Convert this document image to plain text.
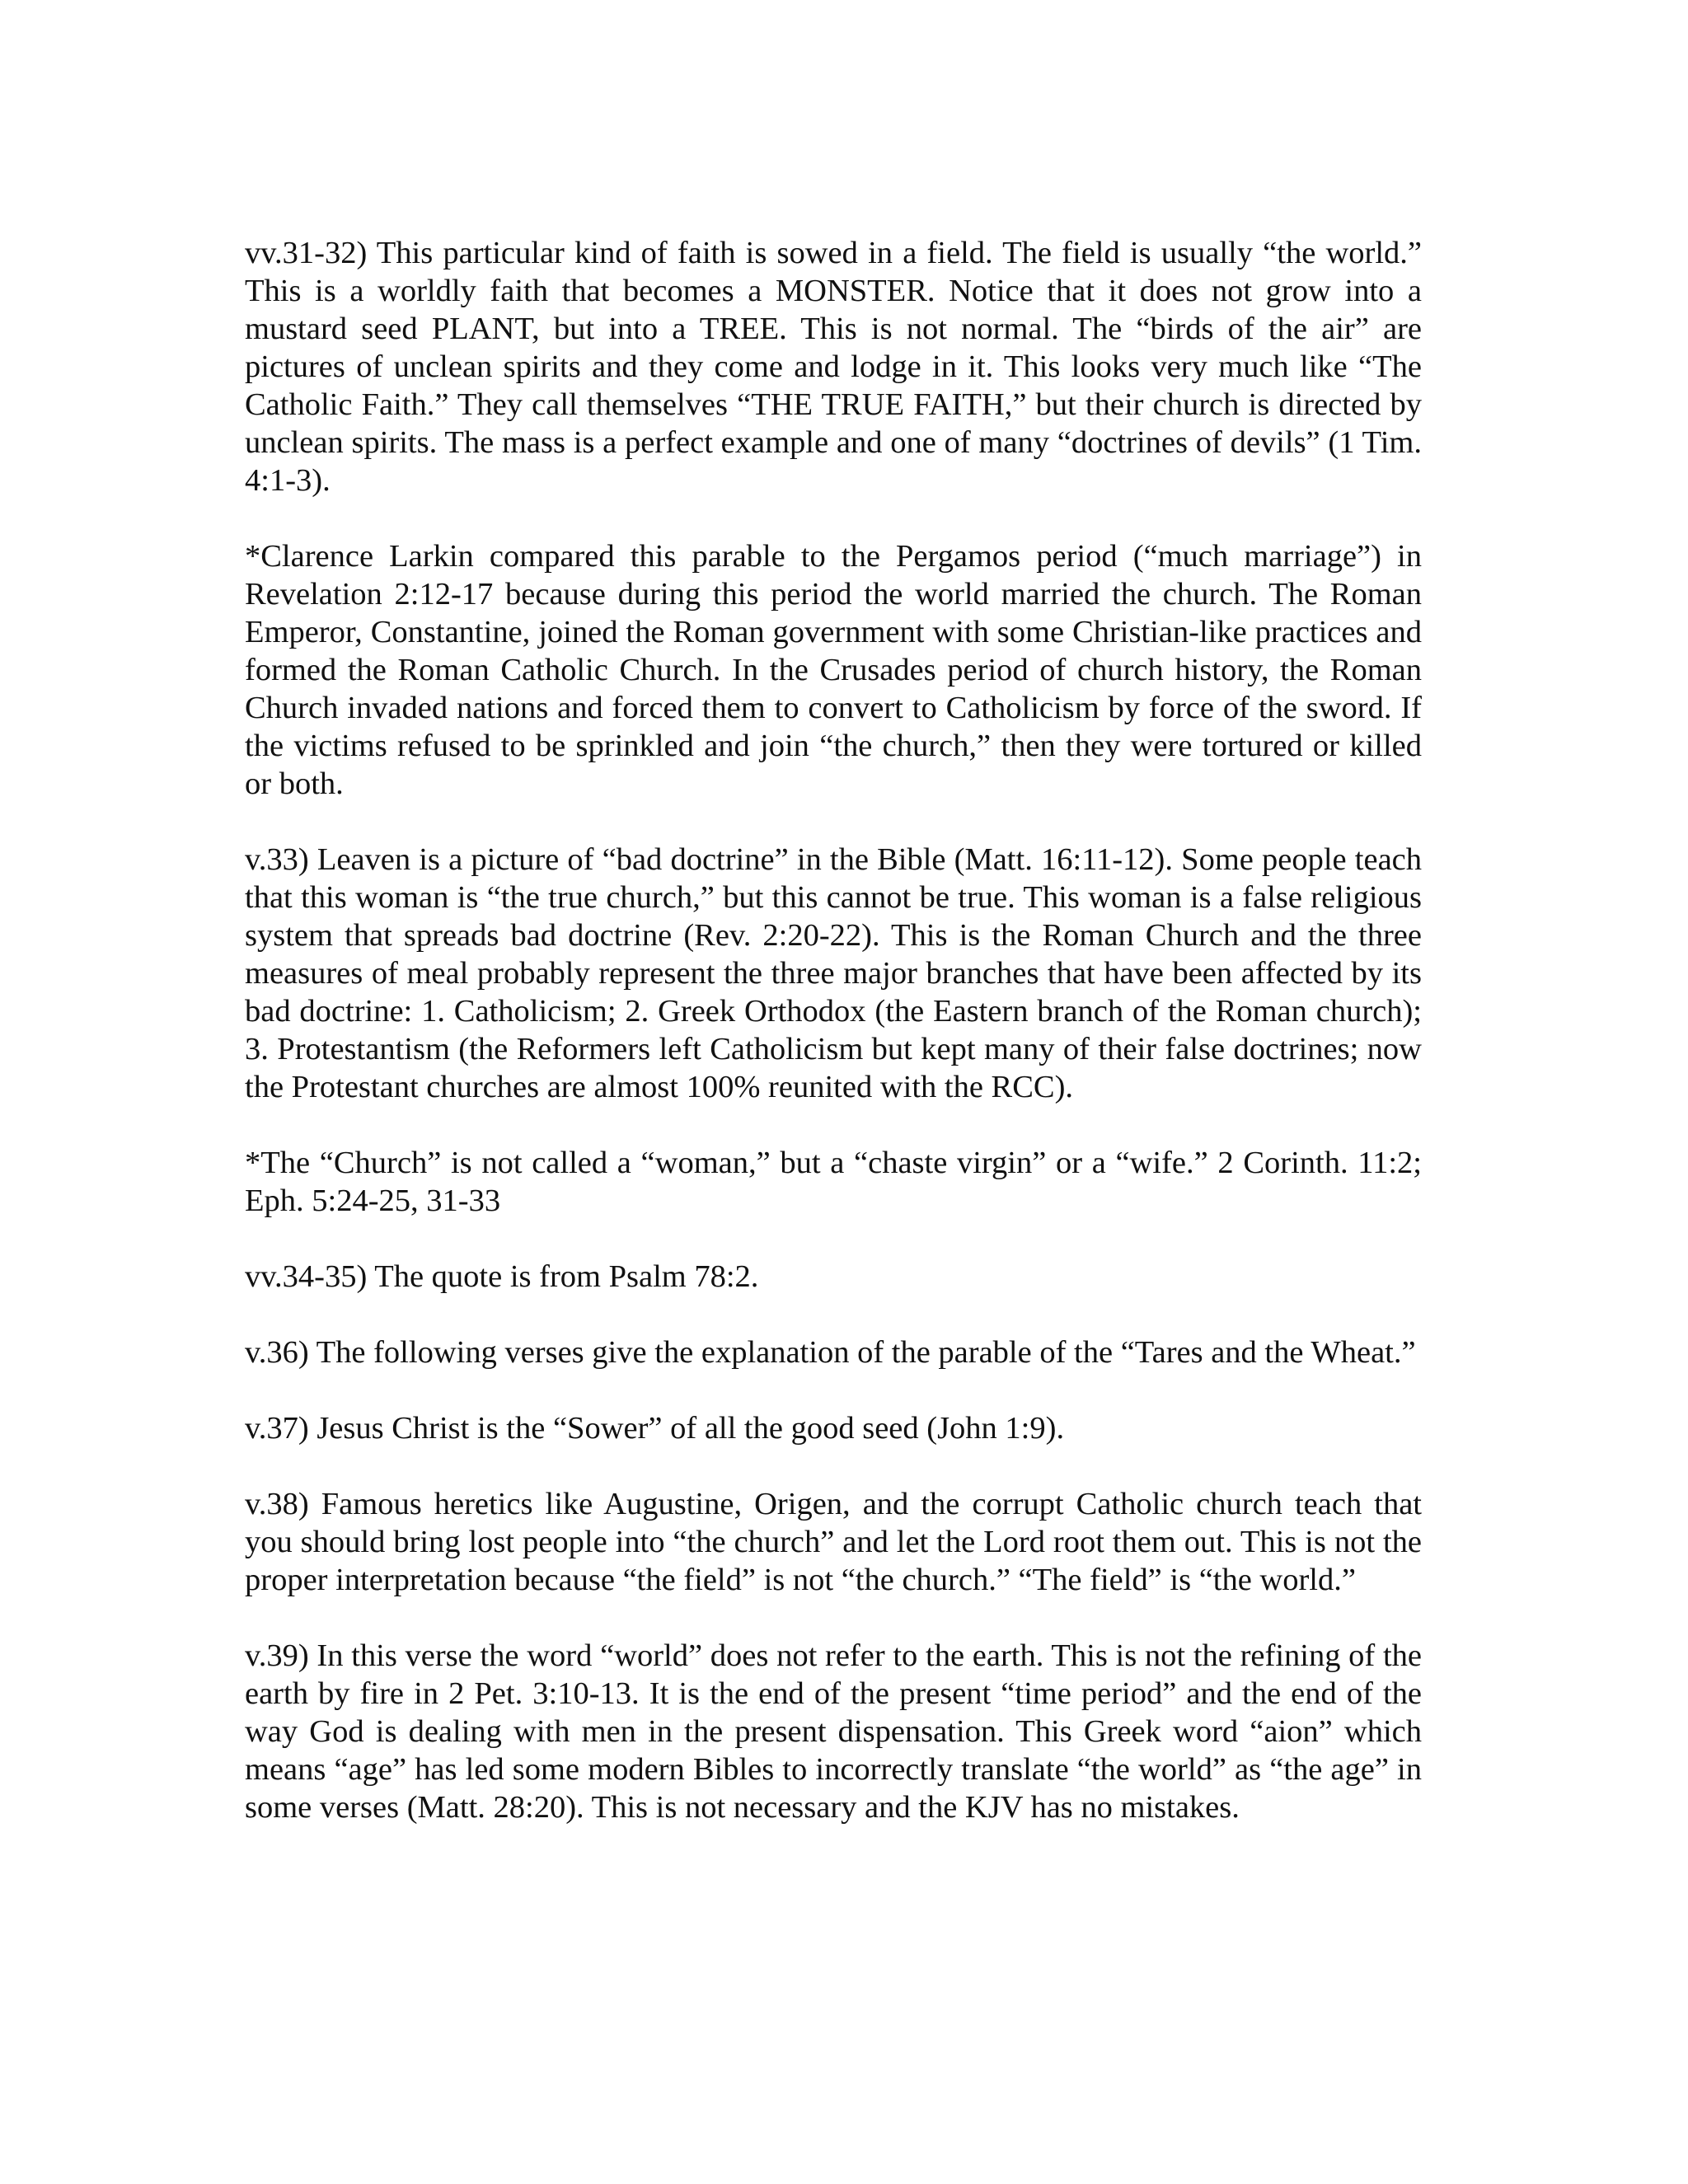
vv.31-32) This particular kind of faith is sowed in a field. The field is usually “the world.” This is a worldly faith that becomes a MONSTER. Notice that it does not grow into a mustard seed PLANT, but into a TREE. This is not normal. The “birds of the air” are pictures of unclean spirits and they come and lodge in it. This looks very much like “The Catholic Faith.” They call themselves “THE TRUE FAITH,” but their church is directed by unclean spirits. The mass is a perfect example and one of many “doctrines of devils” (1 Tim. 4:1-3).

*Clarence Larkin compared this parable to the Pergamos period (“much marriage”) in Revelation 2:12-17 because during this period the world married the church. The Roman Emperor, Constantine, joined the Roman government with some Christian-like practices and formed the Roman Catholic Church. In the Crusades period of church history, the Roman Church invaded nations and forced them to convert to Catholicism by force of the sword. If the victims refused to be sprinkled and join “the church,” then they were tortured or killed or both.

v.33) Leaven is a picture of “bad doctrine” in the Bible (Matt. 16:11-12). Some people teach that this woman is “the true church,” but this cannot be true. This woman is a false religious system that spreads bad doctrine (Rev. 2:20-22). This is the Roman Church and the three measures of meal probably represent the three major branches that have been affected by its bad doctrine: 1. Catholicism; 2. Greek Orthodox (the Eastern branch of the Roman church); 3. Protestantism (the Reformers left Catholicism but kept many of their false doctrines; now the Protestant churches are almost 100% reunited with the RCC).

*The “Church” is not called a “woman,” but a “chaste virgin” or a “wife.” 2 Corinth. 11:2; Eph. 5:24-25, 31-33

vv.34-35) The quote is from Psalm 78:2.

v.36) The following verses give the explanation of the parable of the “Tares and the Wheat.”

v.37) Jesus Christ is the “Sower” of all the good seed (John 1:9).

v.38) Famous heretics like Augustine, Origen, and the corrupt Catholic church teach that you should bring lost people into “the church” and let the Lord root them out. This is not the proper interpretation because “the field” is not “the church.” “The field” is “the world.”

v.39) In this verse the word “world” does not refer to the earth. This is not the refining of the earth by fire in 2 Pet. 3:10-13. It is the end of the present “time period” and the end of the way God is dealing with men in the present dispensation. This Greek word “aion” which means “age” has led some modern Bibles to incorrectly translate “the world” as “the age” in some verses (Matt. 28:20). This is not necessary and the KJV has no mistakes.
